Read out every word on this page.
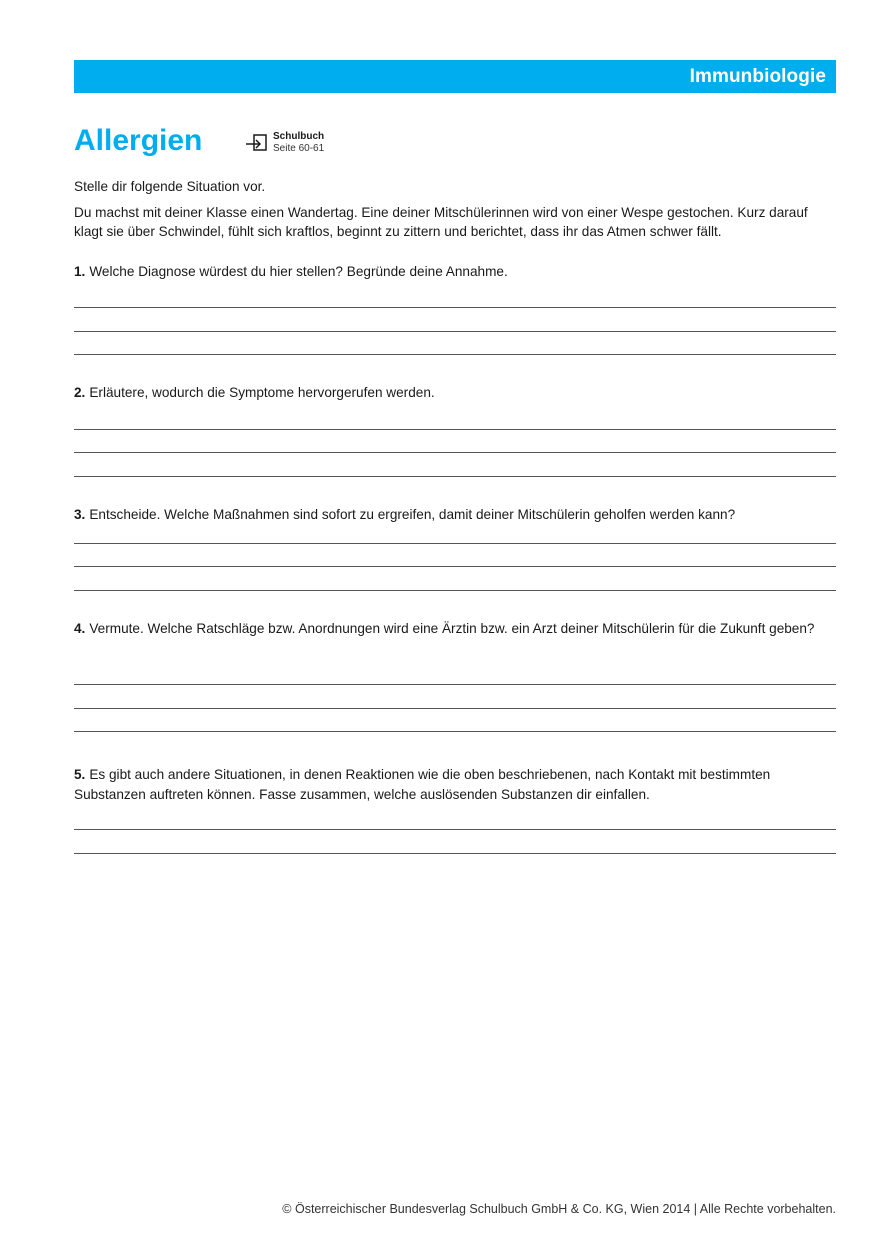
Immunbiologie
Allergien	Schulbuch
Seite 60-61

Stelle dir folgende Situation vor.

Du machst mit deiner Klasse einen Wandertag. Eine deiner Mitschülerinnen wird von einer Wespe gestochen. Kurz darauf klagt sie über Schwindel, fühlt sich kraftlos, beginnt zu zittern und berichtet, dass ihr das Atmen schwer fällt.

1. Welche Diagnose würdest du hier stellen? Begründe deine Annahme.

2. Erläutere, wodurch die Symptome hervorgerufen werden.

3. Entscheide. Welche Maßnahmen sind sofort zu ergreifen, damit deiner Mitschülerin geholfen werden kann?

4. Vermute. Welche Ratschläge bzw. Anordnungen wird eine Ärztin bzw. ein Arzt deiner Mitschülerin für die Zukunft geben?

5. Es gibt auch andere Situationen, in denen Reaktionen wie die oben beschriebenen, nach Kontakt mit bestimmten Substanzen auftreten können. Fasse zusammen, welche auslösenden Substanzen dir einfallen.

© Österreichischer Bundesverlag Schulbuch GmbH & Co. KG, Wien 2014 | Alle Rechte vorbehalten.
